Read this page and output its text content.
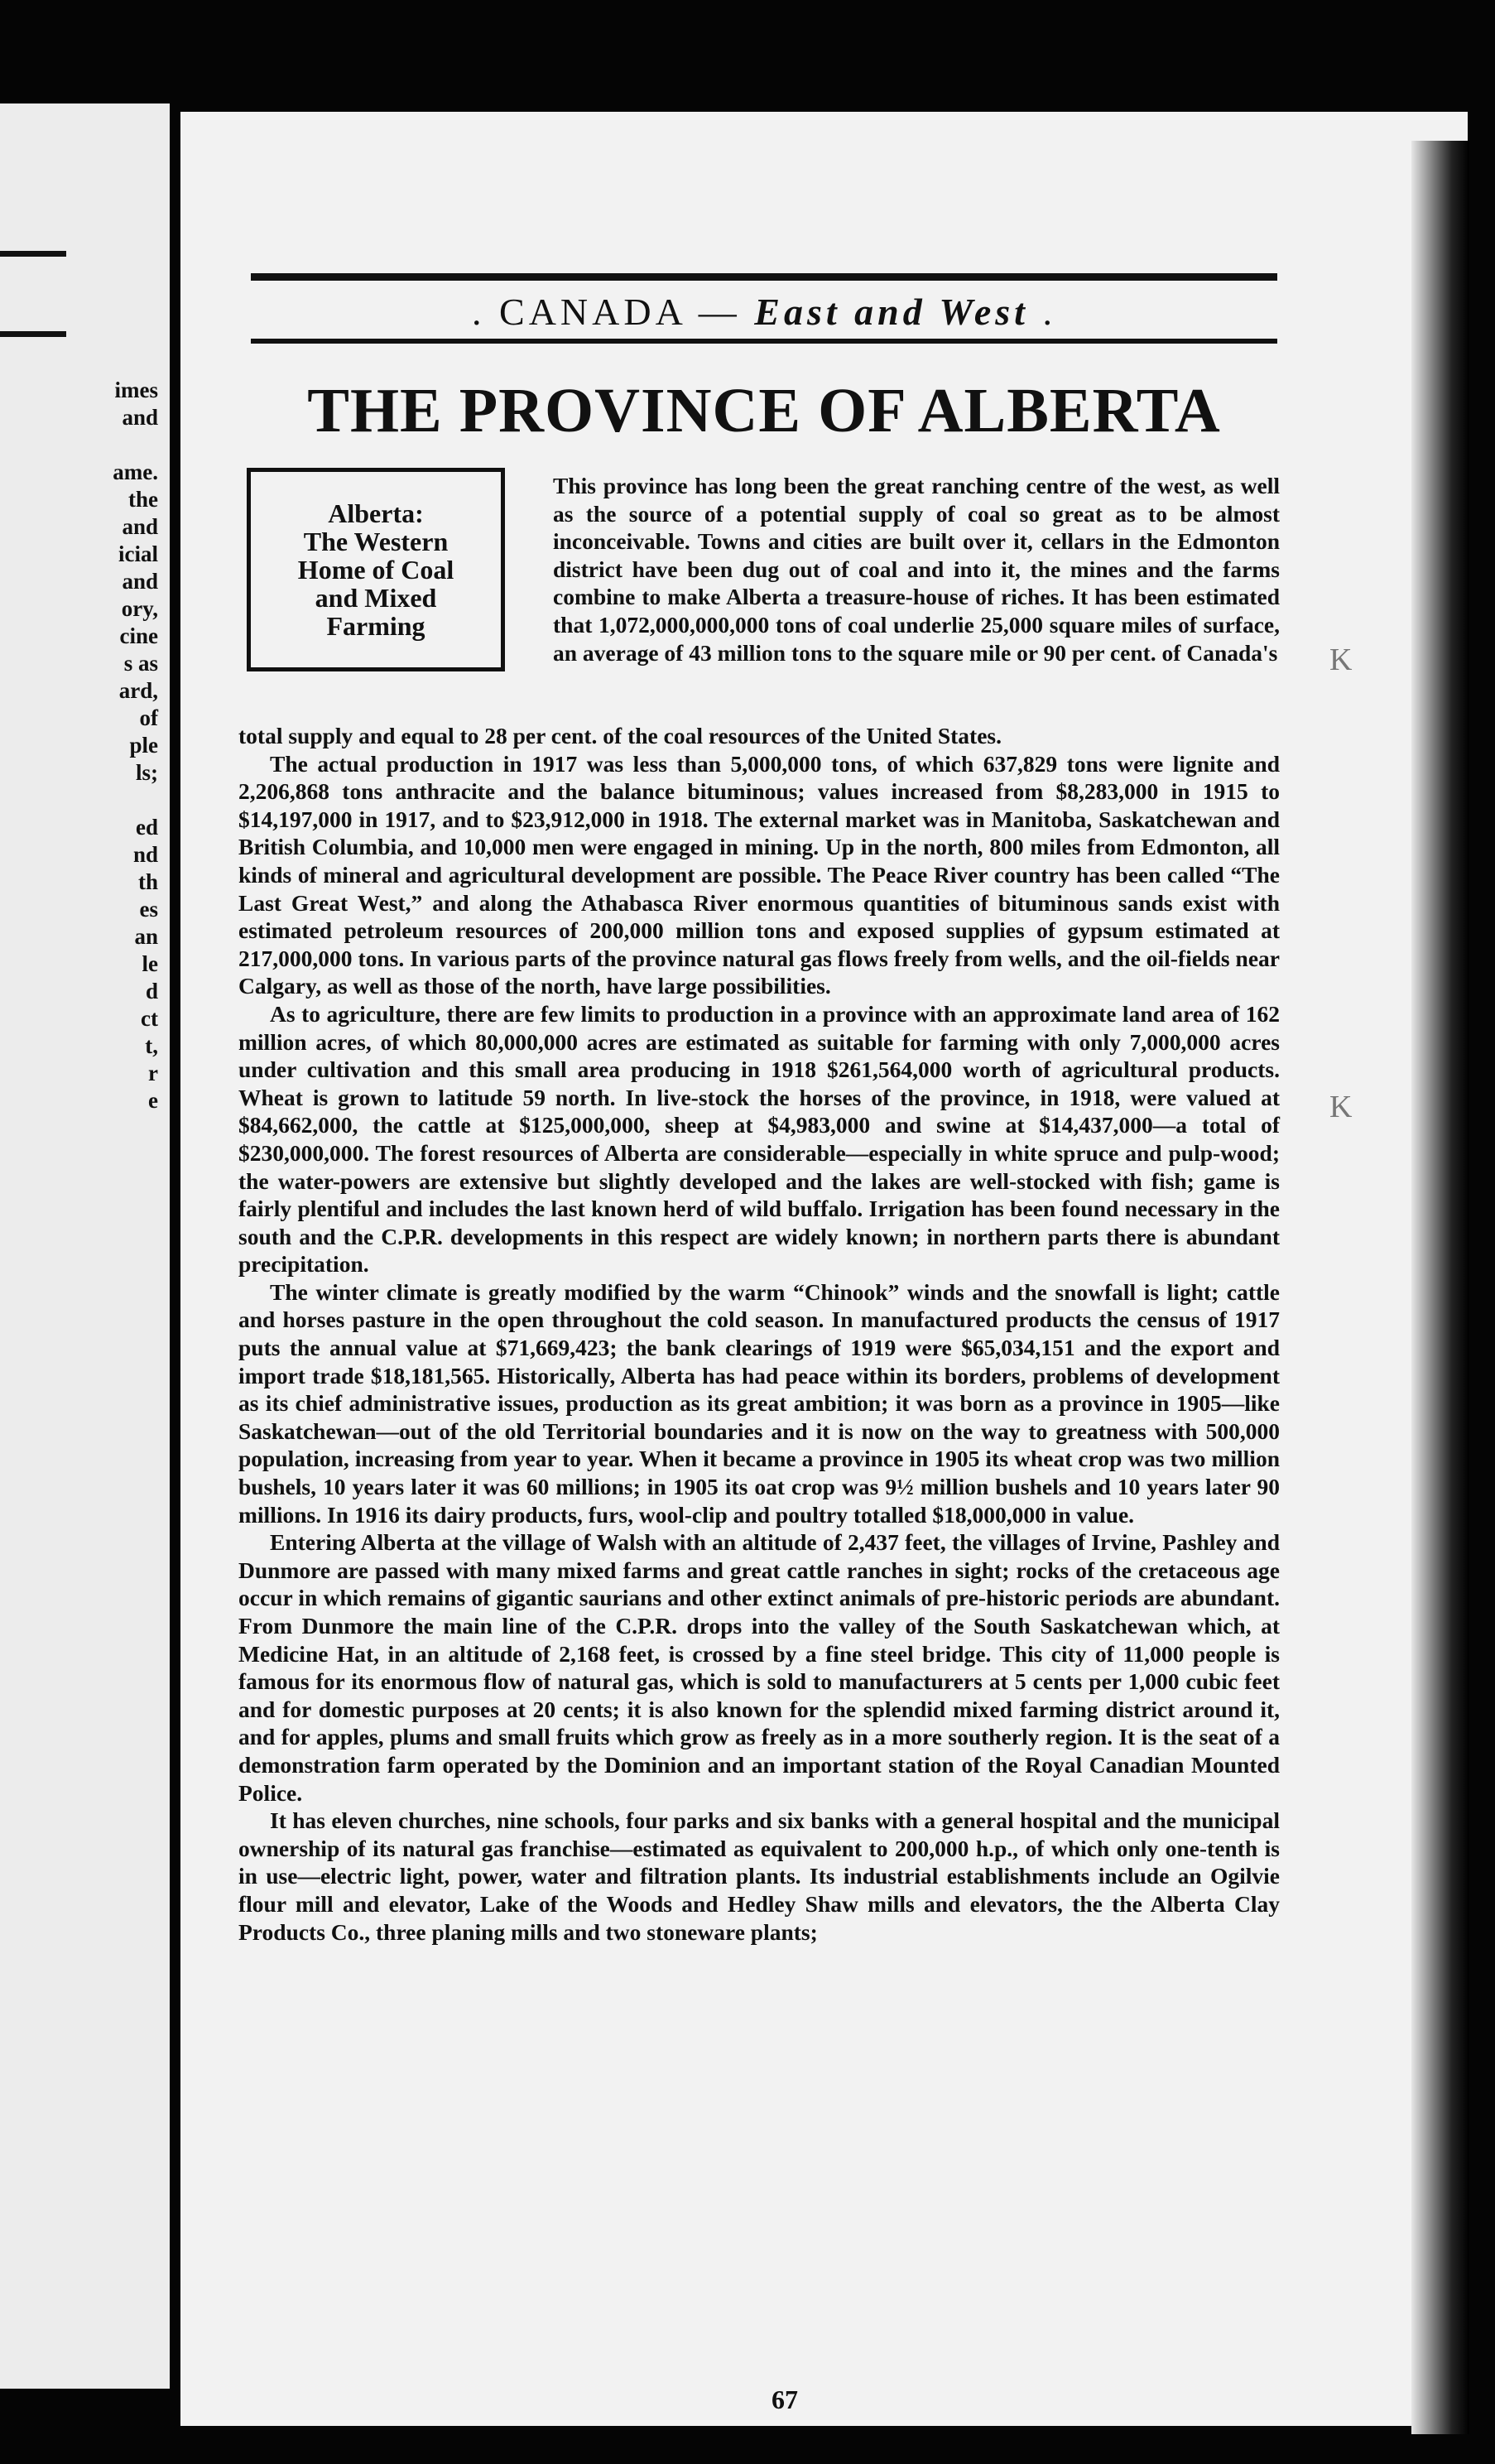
imes
and

ame.
the
and
icial
and
ory,
cine
s as
ard,
of
ple
ls;

ed
nd
th
es
an
le
d
ct
t,
r
e
. CANADA — East and West .
THE PROVINCE OF ALBERTA
Alberta:
The Western
Home of Coal
and Mixed
Farming

This province has long been the great ranching centre of the west, as well as the source of a potential supply of coal so great as to be almost inconceivable. Towns and cities are built over it, cellars in the Edmonton district have been dug out of coal and into it, the mines and the farms combine to make Alberta a treasure-house of riches. It has been estimated that 1,072,000,000,000 tons of coal underlie 25,000 square miles of surface, an average of 43 million tons to the square mile or 90 per cent. of Canada's

total supply and equal to 28 per cent. of the coal resources of the United States.

The actual production in 1917 was less than 5,000,000 tons, of which 637,829 tons were lignite and 2,206,868 tons anthracite and the balance bituminous; values increased from $8,283,000 in 1915 to $14,197,000 in 1917, and to $23,912,000 in 1918. The external market was in Manitoba, Saskatchewan and British Columbia, and 10,000 men were engaged in mining. Up in the north, 800 miles from Edmonton, all kinds of mineral and agricultural development are possible. The Peace River country has been called “The Last Great West,” and along the Athabasca River enormous quantities of bituminous sands exist with estimated petroleum resources of 200,000 million tons and exposed supplies of gypsum estimated at 217,000,000 tons. In various parts of the province natural gas flows freely from wells, and the oil-fields near Calgary, as well as those of the north, have large possibilities.

As to agriculture, there are few limits to production in a province with an approximate land area of 162 million acres, of which 80,000,000 acres are estimated as suitable for farming with only 7,000,000 acres under cultivation and this small area producing in 1918 $261,564,000 worth of agricultural products. Wheat is grown to latitude 59 north. In live-stock the horses of the province, in 1918, were valued at $84,662,000, the cattle at $125,000,000, sheep at $4,983,000 and swine at $14,437,000—a total of $230,000,000. The forest resources of Alberta are considerable—especially in white spruce and pulp-wood; the water-powers are extensive but slightly developed and the lakes are well-stocked with fish; game is fairly plentiful and includes the last known herd of wild buffalo. Irrigation has been found necessary in the south and the C.P.R. developments in this respect are widely known; in northern parts there is abundant precipitation.

The winter climate is greatly modified by the warm “Chinook” winds and the snowfall is light; cattle and horses pasture in the open throughout the cold season. In manufactured products the census of 1917 puts the annual value at $71,669,423; the bank clearings of 1919 were $65,034,151 and the export and import trade $18,181,565. Historically, Alberta has had peace within its borders, problems of development as its chief administrative issues, production as its great ambition; it was born as a province in 1905—like Saskatchewan—out of the old Territorial boundaries and it is now on the way to greatness with 500,000 population, increasing from year to year. When it became a province in 1905 its wheat crop was two million bushels, 10 years later it was 60 millions; in 1905 its oat crop was 9½ million bushels and 10 years later 90 millions. In 1916 its dairy products, furs, wool-clip and poultry totalled $18,000,000 in value.

Entering Alberta at the village of Walsh with an altitude of 2,437 feet, the villages of Irvine, Pashley and Dunmore are passed with many mixed farms and great cattle ranches in sight; rocks of the cretaceous age occur in which remains of gigantic saurians and other extinct animals of pre-historic periods are abundant. From Dunmore the main line of the C.P.R. drops into the valley of the South Saskatchewan which, at Medicine Hat, in an altitude of 2,168 feet, is crossed by a fine steel bridge. This city of 11,000 people is famous for its enormous flow of natural gas, which is sold to manufacturers at 5 cents per 1,000 cubic feet and for domestic purposes at 20 cents; it is also known for the splendid mixed farming district around it, and for apples, plums and small fruits which grow as freely as in a more southerly region. It is the seat of a demonstration farm operated by the Dominion and an important station of the Royal Canadian Mounted Police.

It has eleven churches, nine schools, four parks and six banks with a general hospital and the municipal ownership of its natural gas franchise—estimated as equivalent to 200,000 h.p., of which only one-tenth is in use—electric light, power, water and filtration plants. Its industrial establishments include an Ogilvie flour mill and elevator, Lake of the Woods and Hedley Shaw mills and elevators, the the Alberta Clay Products Co., three planing mills and two stoneware plants;

67
K
K
